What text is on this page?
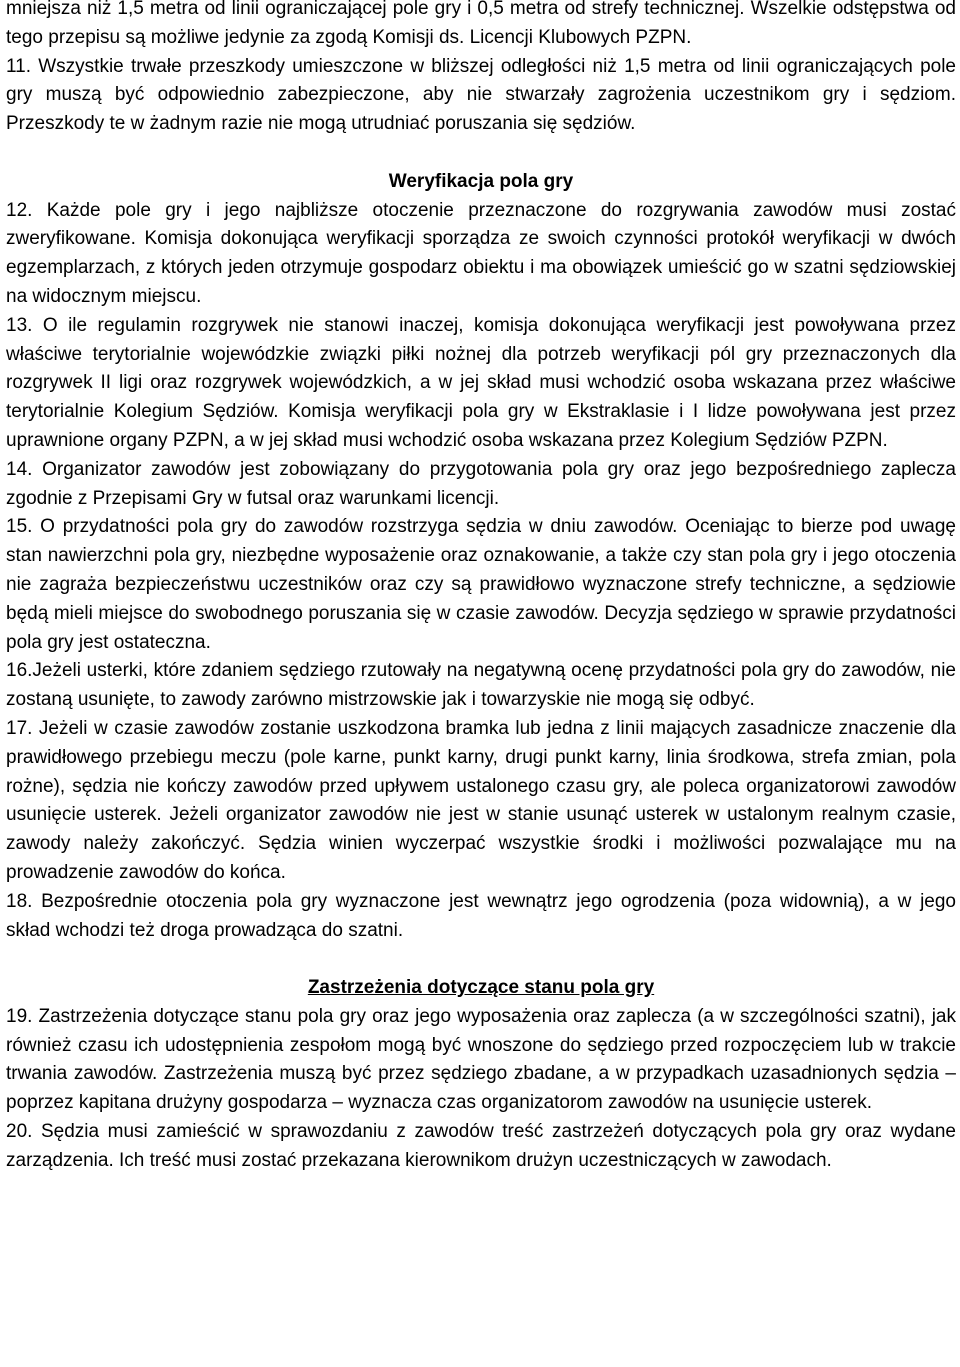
mniejsza niż 1,5 metra od linii ograniczającej pole gry i 0,5 metra od strefy technicznej. Wszelkie odstępstwa od tego przepisu są możliwe jedynie za zgodą Komisji ds. Licencji Klubowych PZPN.

11. Wszystkie trwałe przeszkody umieszczone w bliższej odległości niż 1,5 metra od linii ograniczających pole gry muszą być odpowiednio zabezpieczone, aby nie stwarzały zagrożenia uczestnikom gry i sędziom. Przeszkody te w żadnym razie nie mogą utrudniać poruszania się sędziów.

Weryfikacja pola gry

12. Każde pole gry i jego najbliższe otoczenie przeznaczone do rozgrywania zawodów musi zostać zweryfikowane. Komisja dokonująca weryfikacji sporządza ze swoich czynności protokół weryfikacji w dwóch egzemplarzach, z których jeden otrzymuje gospodarz obiektu i ma obowiązek umieścić go w szatni sędziowskiej na widocznym miejscu.

13. O ile regulamin rozgrywek nie stanowi inaczej, komisja dokonująca weryfikacji jest powoływana przez właściwe terytorialnie wojewódzkie związki piłki nożnej dla potrzeb weryfikacji pól gry przeznaczonych dla rozgrywek II ligi oraz rozgrywek wojewódzkich, a w jej skład musi wchodzić osoba wskazana przez właściwe terytorialnie Kolegium Sędziów. Komisja weryfikacji pola gry w Ekstraklasie i I lidze powoływana jest przez uprawnione organy PZPN, a w jej skład musi wchodzić osoba wskazana przez Kolegium Sędziów PZPN.

14. Organizator zawodów jest zobowiązany do przygotowania pola gry oraz jego bezpośredniego zaplecza zgodnie z Przepisami Gry w futsal oraz warunkami licencji.

15. O przydatności pola gry do zawodów rozstrzyga sędzia w dniu zawodów. Oceniając to bierze pod uwagę stan nawierzchni pola gry, niezbędne wyposażenie oraz oznakowanie, a także czy stan pola gry i jego otoczenia nie zagraża bezpieczeństwu uczestników oraz czy są prawidłowo wyznaczone strefy techniczne, a sędziowie będą mieli miejsce do swobodnego poruszania się w czasie zawodów. Decyzja sędziego w sprawie przydatności pola gry jest ostateczna.

16.Jeżeli usterki, które zdaniem sędziego rzutowały na negatywną ocenę przydatności pola gry do zawodów, nie zostaną usunięte, to zawody zarówno mistrzowskie jak i towarzyskie nie mogą się odbyć.

17. Jeżeli w czasie zawodów zostanie uszkodzona bramka lub jedna z linii mających zasadnicze znaczenie dla prawidłowego przebiegu meczu (pole karne, punkt karny, drugi punkt karny, linia środkowa, strefa zmian, pola rożne), sędzia nie kończy zawodów przed upływem ustalonego czasu gry, ale poleca organizatorowi zawodów usunięcie usterek. Jeżeli organizator zawodów nie jest w stanie usunąć usterek w ustalonym realnym czasie, zawody należy zakończyć. Sędzia winien wyczerpać wszystkie środki i możliwości pozwalające mu na prowadzenie zawodów do końca.

18. Bezpośrednie otoczenia pola gry wyznaczone jest wewnątrz jego ogrodzenia (poza widownią), a w jego skład wchodzi też droga prowadząca do szatni.

Zastrzeżenia dotyczące stanu pola gry

19. Zastrzeżenia dotyczące stanu pola gry oraz jego wyposażenia oraz zaplecza (a w szczególności szatni), jak również czasu ich udostępnienia zespołom mogą być wnoszone do sędziego przed rozpoczęciem lub w trakcie trwania zawodów. Zastrzeżenia muszą być przez sędziego zbadane, a w przypadkach uzasadnionych sędzia – poprzez kapitana drużyny gospodarza – wyznacza czas organizatorom zawodów na usunięcie usterek.

20. Sędzia musi zamieścić w sprawozdaniu z zawodów treść zastrzeżeń dotyczących pola gry oraz wydane zarządzenia. Ich treść musi zostać przekazana kierownikom drużyn uczestniczących w zawodach.
